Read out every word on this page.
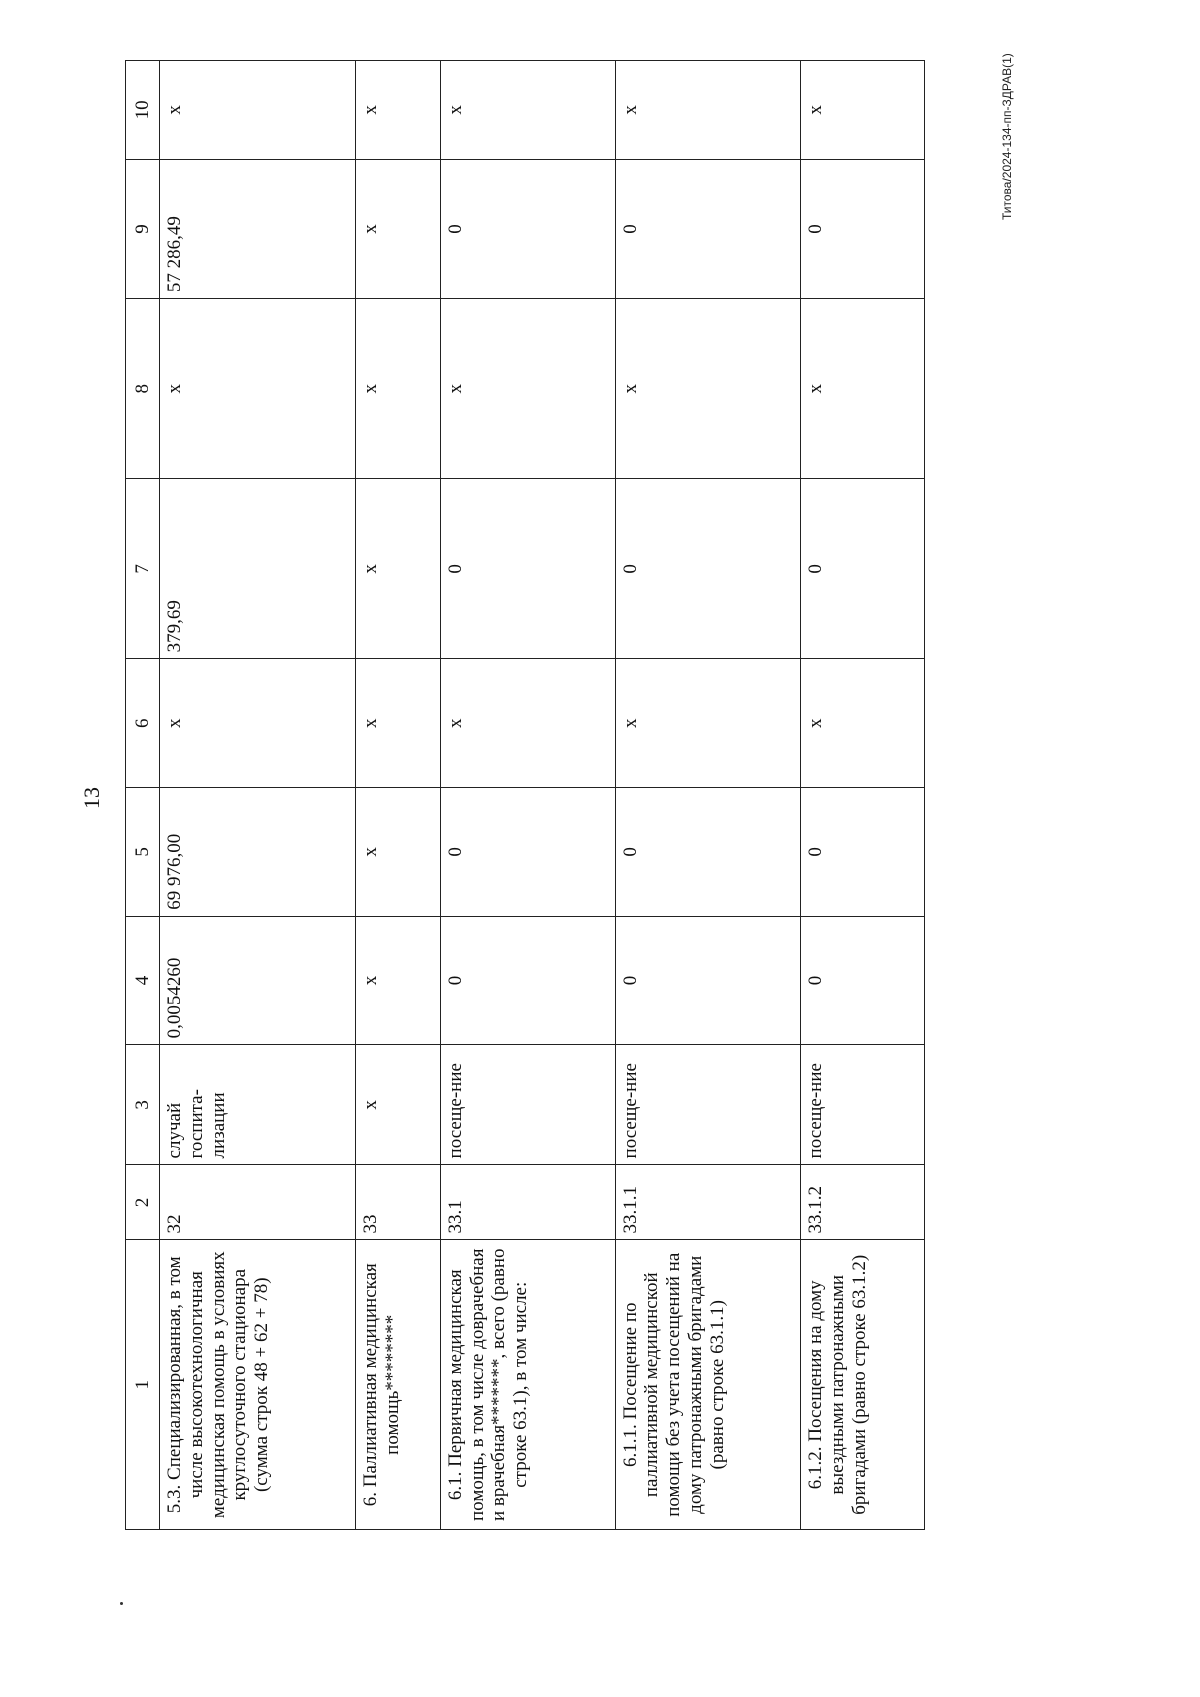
13
Титова/2024-134-пп-ЗДРАВ(1)
1	2	3	4	5	6	7	8	9	10
5.3. Специализированная, в том числе высокотехнологичная медицинская помощь в условиях круглосуточного стационара (сумма строк 48 + 62 + 78)	32	случай госпита-лизации	0,0054260	69 976,00	х	379,69	х	57 286,49	х
6. Паллиативная медицинская помощь********	33	х	х	х	х	х	х	х	х
6.1. Первичная медицинская помощь, в том числе доврачебная и врачебная*******, всего (равно строке 63.1), в том числе:	33.1	посеще-ние	0	0	х	0	х	0	х
6.1.1. Посещение по паллиативной медицинской помощи без учета посещений на дому патронажными бригадами (равно строке 63.1.1)	33.1.1	посеще-ние	0	0	х	0	х	0	х
6.1.2. Посещения на дому выездными патронажными бригадами (равно строке 63.1.2)	33.1.2	посеще-ние	0	0	х	0	х	0	х
